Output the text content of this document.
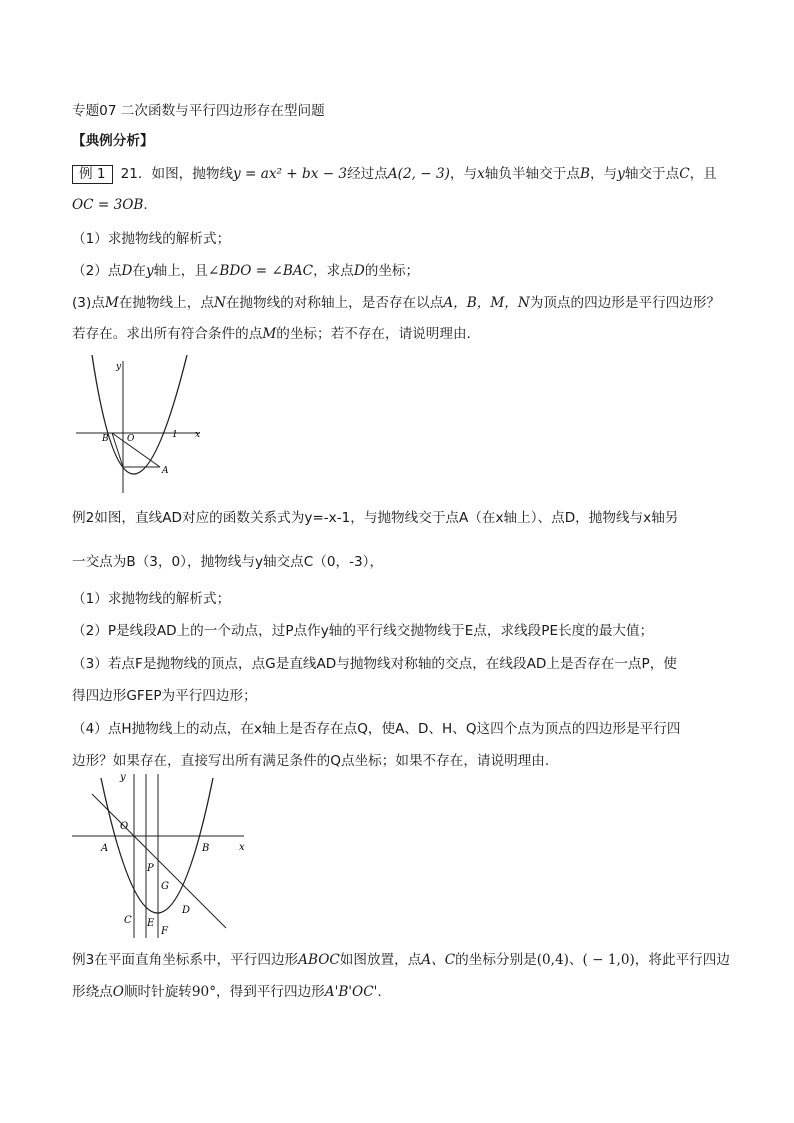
专题07 二次函数与平行四边形存在型问题
【典例分析】
例 1 21．如图，抛物线y = ax² + bx − 3经过点A(2, − 3)，与x轴负半轴交于点B，与y轴交于点C，且
OC = 3OB.
（1）求抛物线的解析式；
（2）点D在y轴上，且∠BDO = ∠BAC，求点D的坐标；
(3)点M在抛物线上，点N在抛物线的对称轴上，是否存在以点A，B，M，N为顶点的四边形是平行四边形？
若存在。求出所有符合条件的点M的坐标；若不存在，请说明理由.
y
B O	1 x
A
例2如图，直线AD对应的函数关系式为y=-x-1，与抛物线交于点A（在x轴上）、点D，抛物线与x轴另
一交点为B（3，0），抛物线与y轴交点C（0，-3），
（1）求抛物线的解析式；
（2）P是线段AD上的一个动点，过P点作y轴的平行线交抛物线于E点，求线段PE长度的最大值；
（3）若点F是抛物线的顶点，点G是直线AD与抛物线对称轴的交点，在线段AD上是否存在一点P，使
得四边形GFEP为平行四边形；
（4）点H抛物线上的动点，在x轴上是否存在点Q，使A、D、H、Q这四个点为顶点的四边形是平行四
边形？如果存在，直接写出所有满足条件的Q点坐标；如果不存在，请说明理由.
y
O
A	B	x
P
G
C E
D
F
例3在平面直角坐标系中，平行四边形ABOC如图放置，点A、C的坐标分别是(0,4)、( − 1,0)，将此平行四边
形绕点O顺时针旋转90°，得到平行四边形A'B'OC'.
